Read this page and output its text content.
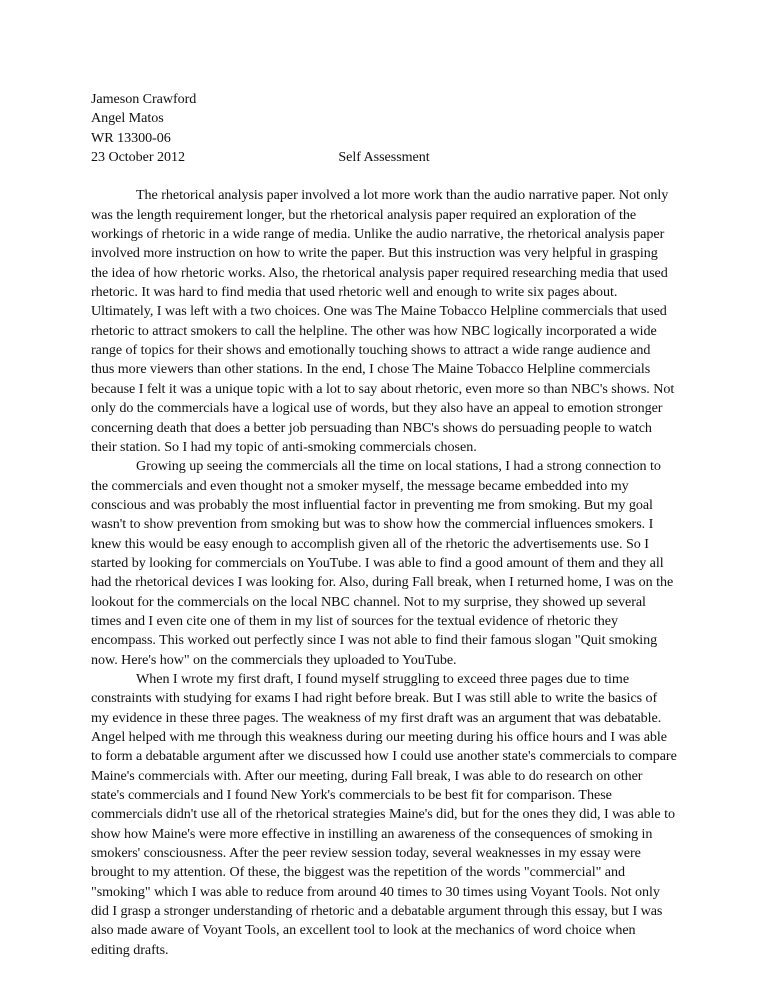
Jameson Crawford
Angel Matos
WR 13300-06
23 October 2012	Self Assessment

The rhetorical analysis paper involved a lot more work than the audio narrative paper. Not only was the length requirement longer, but the rhetorical analysis paper required an exploration of the workings of rhetoric in a wide range of media. Unlike the audio narrative, the rhetorical analysis paper involved more instruction on how to write the paper. But this instruction was very helpful in grasping the idea of how rhetoric works. Also, the rhetorical analysis paper required researching media that used rhetoric. It was hard to find media that used rhetoric well and enough to write six pages about. Ultimately, I was left with a two choices. One was The Maine Tobacco Helpline commercials that used rhetoric to attract smokers to call the helpline. The other was how NBC logically incorporated a wide range of topics for their shows and emotionally touching shows to attract a wide range audience and thus more viewers than other stations. In the end, I chose The Maine Tobacco Helpline commercials because I felt it was a unique topic with a lot to say about rhetoric, even more so than NBC's shows. Not only do the commercials have a logical use of words, but they also have an appeal to emotion stronger concerning death that does a better job persuading than NBC's shows do persuading people to watch their station. So I had my topic of anti-smoking commercials chosen.

Growing up seeing the commercials all the time on local stations, I had a strong connection to the commercials and even thought not a smoker myself, the message became embedded into my conscious and was probably the most influential factor in preventing me from smoking. But my goal wasn't to show prevention from smoking but was to show how the commercial influences smokers. I knew this would be easy enough to accomplish given all of the rhetoric the advertisements use. So I started by looking for commercials on YouTube. I was able to find a good amount of them and they all had the rhetorical devices I was looking for. Also, during Fall break, when I returned home, I was on the lookout for the commercials on the local NBC channel. Not to my surprise, they showed up several times and I even cite one of them in my list of sources for the textual evidence of rhetoric they encompass. This worked out perfectly since I was not able to find their famous slogan "Quit smoking now. Here's how" on the commercials they uploaded to YouTube.

When I wrote my first draft, I found myself struggling to exceed three pages due to time constraints with studying for exams I had right before break. But I was still able to write the basics of my evidence in these three pages. The weakness of my first draft was an argument that was debatable. Angel helped with me through this weakness during our meeting during his office hours and I was able to form a debatable argument after we discussed how I could use another state's commercials to compare Maine's commercials with. After our meeting, during Fall break, I was able to do research on other state's commercials and I found New York's commercials to be best fit for comparison. These commercials didn't use all of the rhetorical strategies Maine's did, but for the ones they did, I was able to show how Maine's were more effective in instilling an awareness of the consequences of smoking in smokers' consciousness. After the peer review session today, several weaknesses in my essay were brought to my attention. Of these, the biggest was the repetition of the words "commercial" and "smoking" which I was able to reduce from around 40 times to 30 times using Voyant Tools. Not only did I grasp a stronger understanding of rhetoric and a debatable argument through this essay, but I was also made aware of Voyant Tools, an excellent tool to look at the mechanics of word choice when editing drafts.
